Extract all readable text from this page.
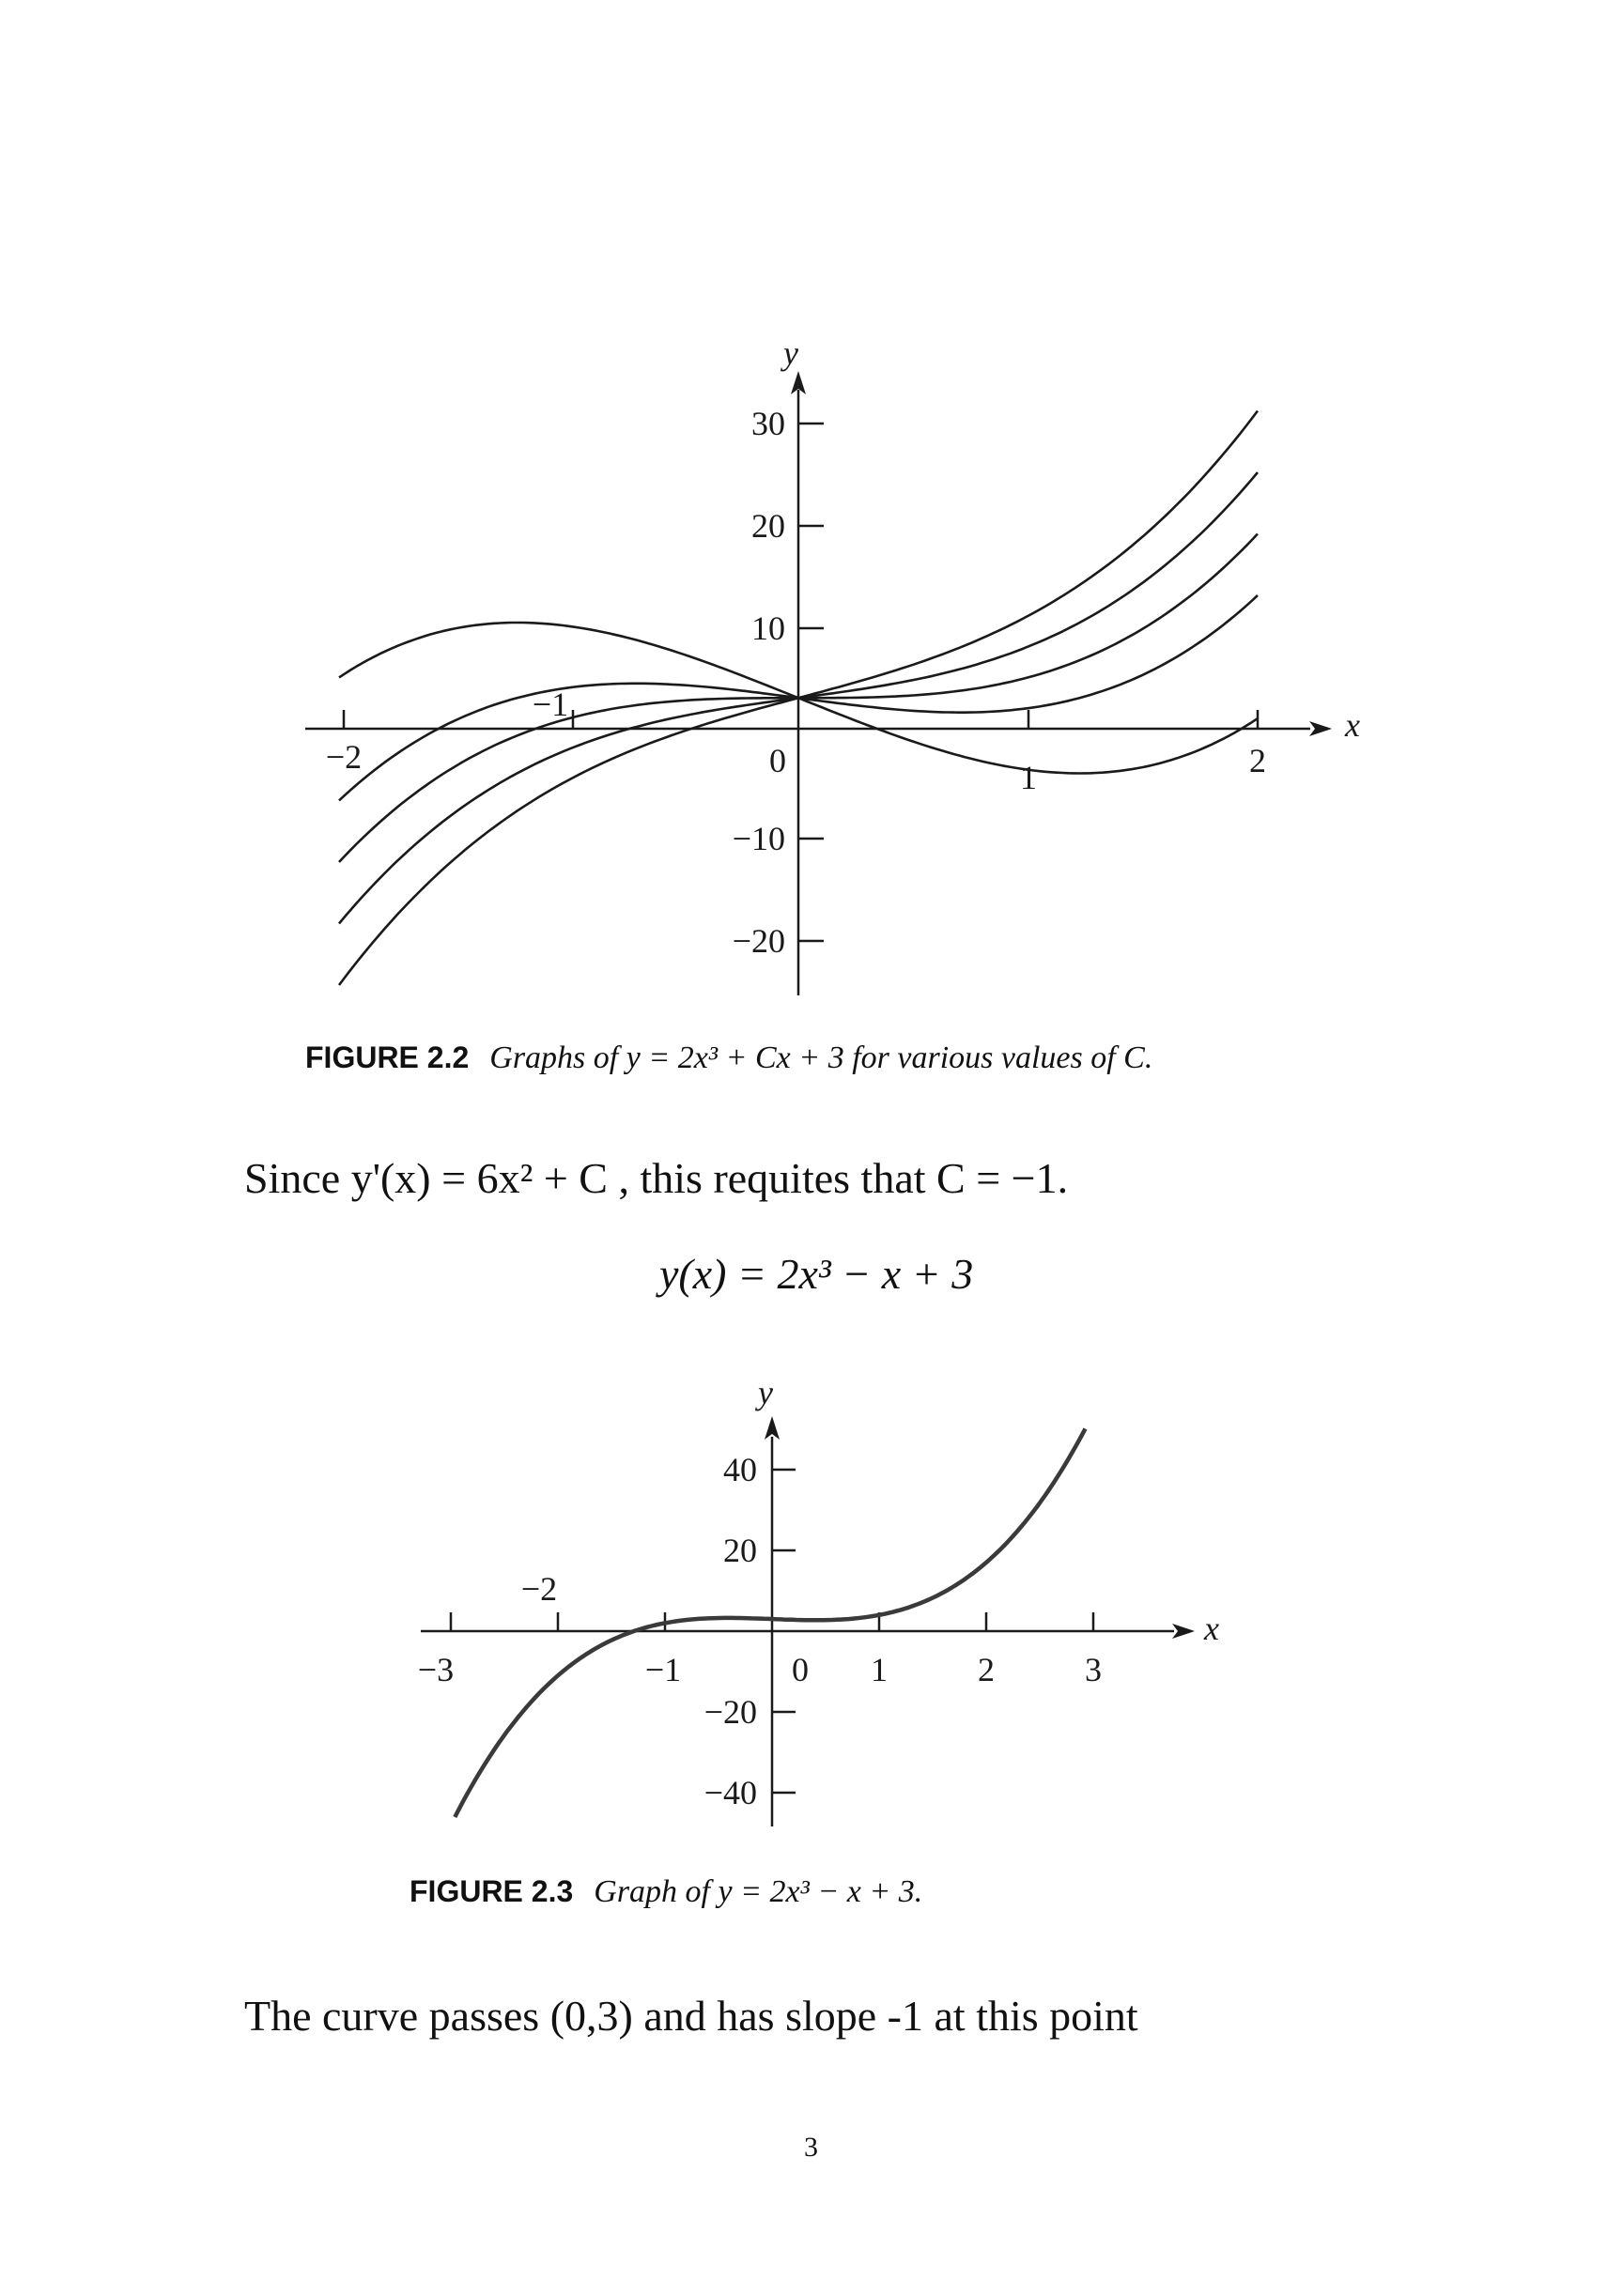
x
y
−2
−1
0	1	2
30
20
10
−10
−20
x
y
−3
−2
−1	0 1	2	3
40
20
−20
−40
FIGURE 2.2 Graphs of y = 2x³ + Cx + 3 for various values of C.
Since y'(x) = 6x² + C , this requites that C = −1.
y(x) = 2x³ − x + 3
FIGURE 2.3 Graph of y = 2x³ − x + 3.
The curve passes (0,3) and has slope -1 at this point
3
